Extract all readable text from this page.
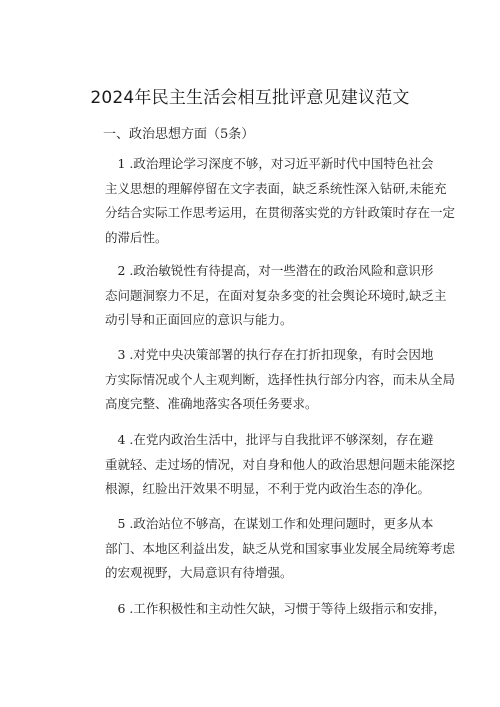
2024年民主生活会相互批评意见建议范文
一、政治思想方面（5条）
　1 .政治理论学习深度不够，对习近平新时代中国特色社会
主义思想的理解停留在文字表面，缺乏系统性深入钻研,未能充
分结合实际工作思考运用，在贯彻落实党的方针政策时存在一定
的滞后性。
　2 .政治敏锐性有待提高，对一些潜在的政治风险和意识形
态问题洞察力不足，在面对复杂多变的社会舆论环境时,缺乏主
动引导和正面回应的意识与能力。
　3 .对党中央决策部署的执行存在打折扣现象，有时会因地
方实际情况或个人主观判断，选择性执行部分内容，而未从全局
高度完整、准确地落实各项任务要求。
　4 .在党内政治生活中，批评与自我批评不够深刻，存在避
重就轻、走过场的情况，对自身和他人的政治思想问题未能深挖
根源，红脸出汗效果不明显，不利于党内政治生态的净化。
　5 .政治站位不够高，在谋划工作和处理问题时，更多从本
部门、本地区利益出发，缺乏从党和国家事业发展全局统筹考虑
的宏观视野，大局意识有待增强。
　6 .工作积极性和主动性欠缺，习惯于等待上级指示和安排，
